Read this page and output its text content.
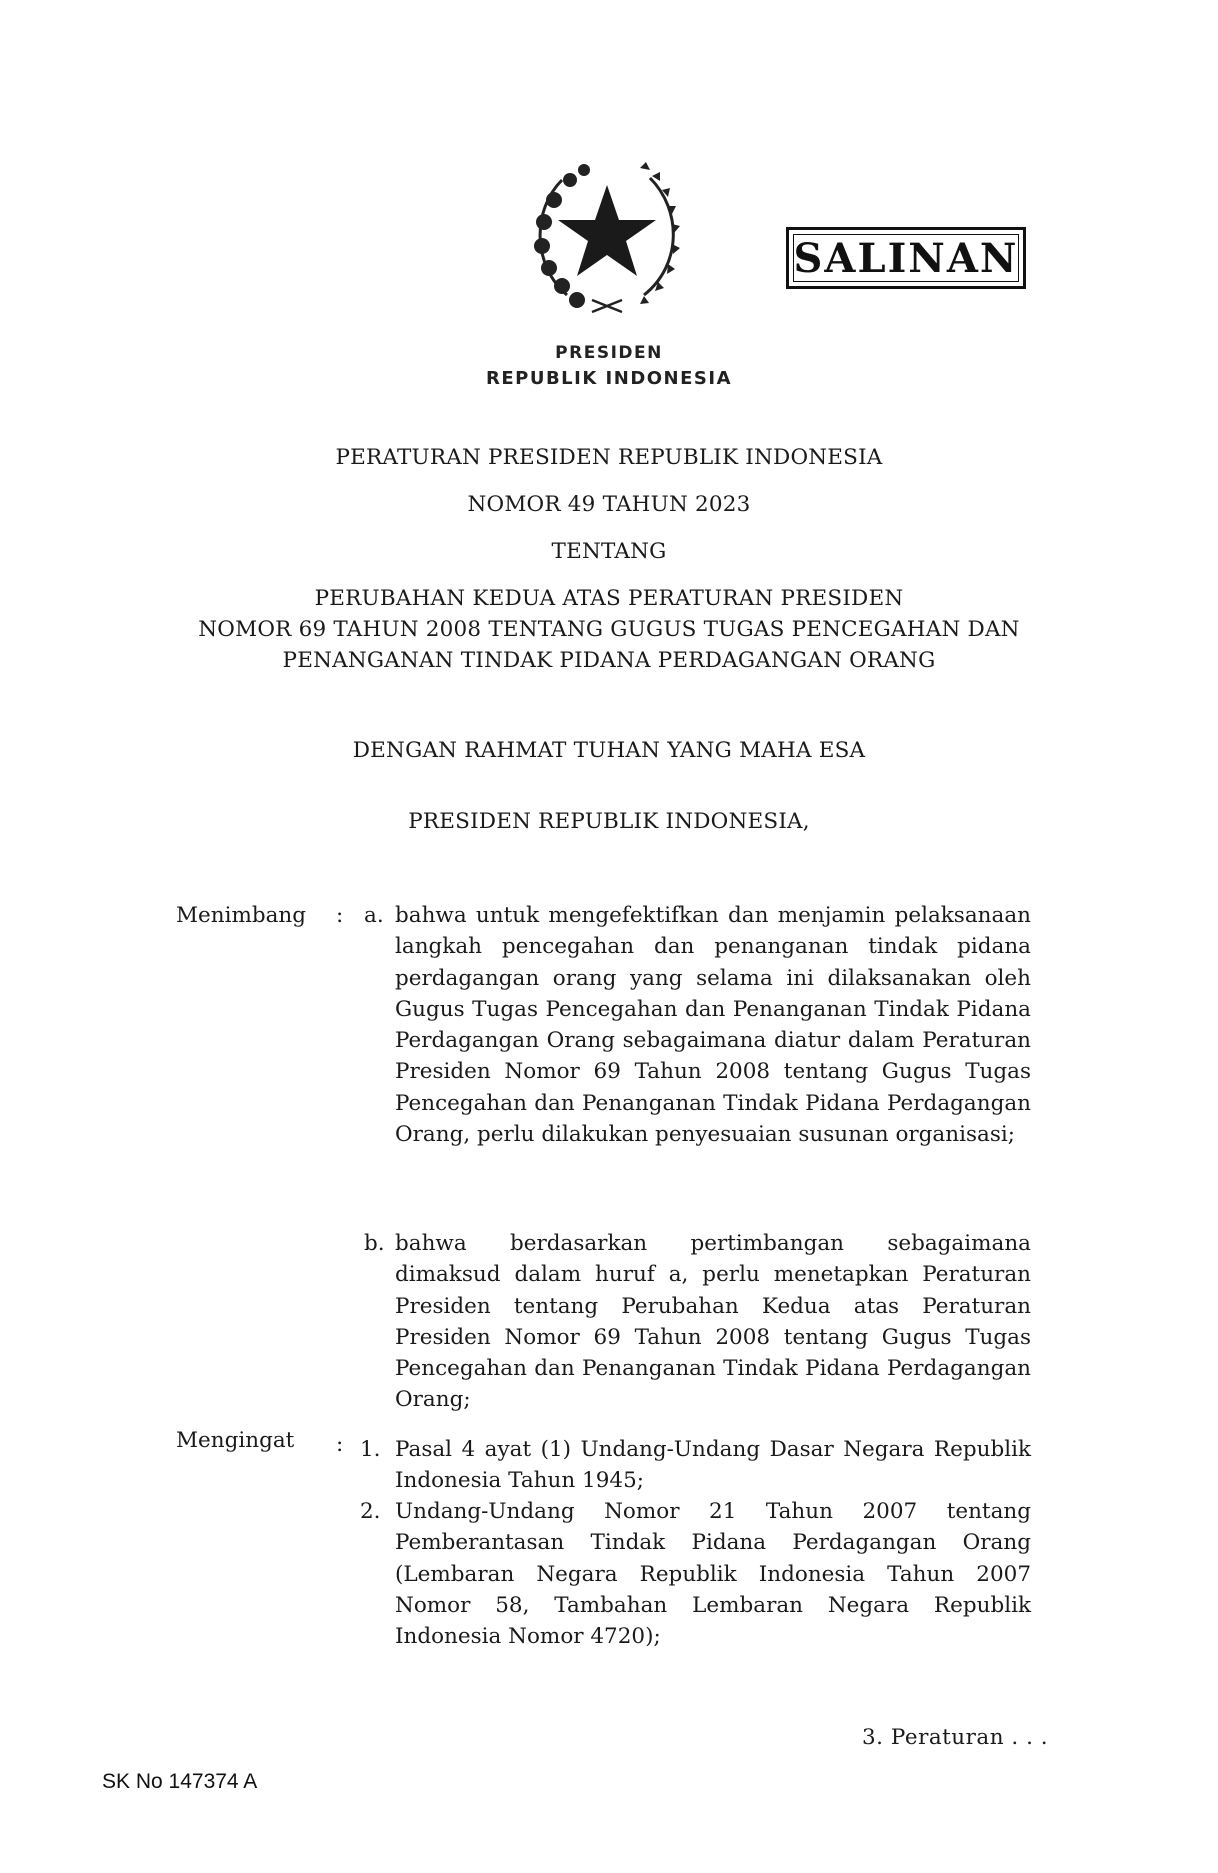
SALINAN
PRESIDEN
REPUBLIK INDONESIA
PERATURAN PRESIDEN REPUBLIK INDONESIA
NOMOR 49 TAHUN 2023
TENTANG
PERUBAHAN KEDUA ATAS PERATURAN PRESIDEN
NOMOR 69 TAHUN 2008 TENTANG GUGUS TUGAS PENCEGAHAN DAN
PENANGANAN TINDAK PIDANA PERDAGANGAN ORANG
DENGAN RAHMAT TUHAN YANG MAHA ESA
PRESIDEN REPUBLIK INDONESIA,
Menimbang : a. bahwa untuk mengefektifkan dan menjamin pelaksanaan langkah pencegahan dan penanganan tindak pidana perdagangan orang yang selama ini dilaksanakan oleh Gugus Tugas Pencegahan dan Penanganan Tindak Pidana Perdagangan Orang sebagaimana diatur dalam Peraturan Presiden Nomor 69 Tahun 2008 tentang Gugus Tugas Pencegahan dan Penanganan Tindak Pidana Perdagangan Orang, perlu dilakukan penyesuaian susunan organisasi;
b. bahwa berdasarkan pertimbangan sebagaimana dimaksud dalam huruf a, perlu menetapkan Peraturan Presiden tentang Perubahan Kedua atas Peraturan Presiden Nomor 69 Tahun 2008 tentang Gugus Tugas Pencegahan dan Penanganan Tindak Pidana Perdagangan Orang;
Mengingat : 1. Pasal 4 ayat (1) Undang-Undang Dasar Negara Republik Indonesia Tahun 1945;
2. Undang-Undang Nomor 21 Tahun 2007 tentang Pemberantasan Tindak Pidana Perdagangan Orang (Lembaran Negara Republik Indonesia Tahun 2007 Nomor 58, Tambahan Lembaran Negara Republik Indonesia Nomor 4720);
3. Peraturan . . .
SK No 147374 A
